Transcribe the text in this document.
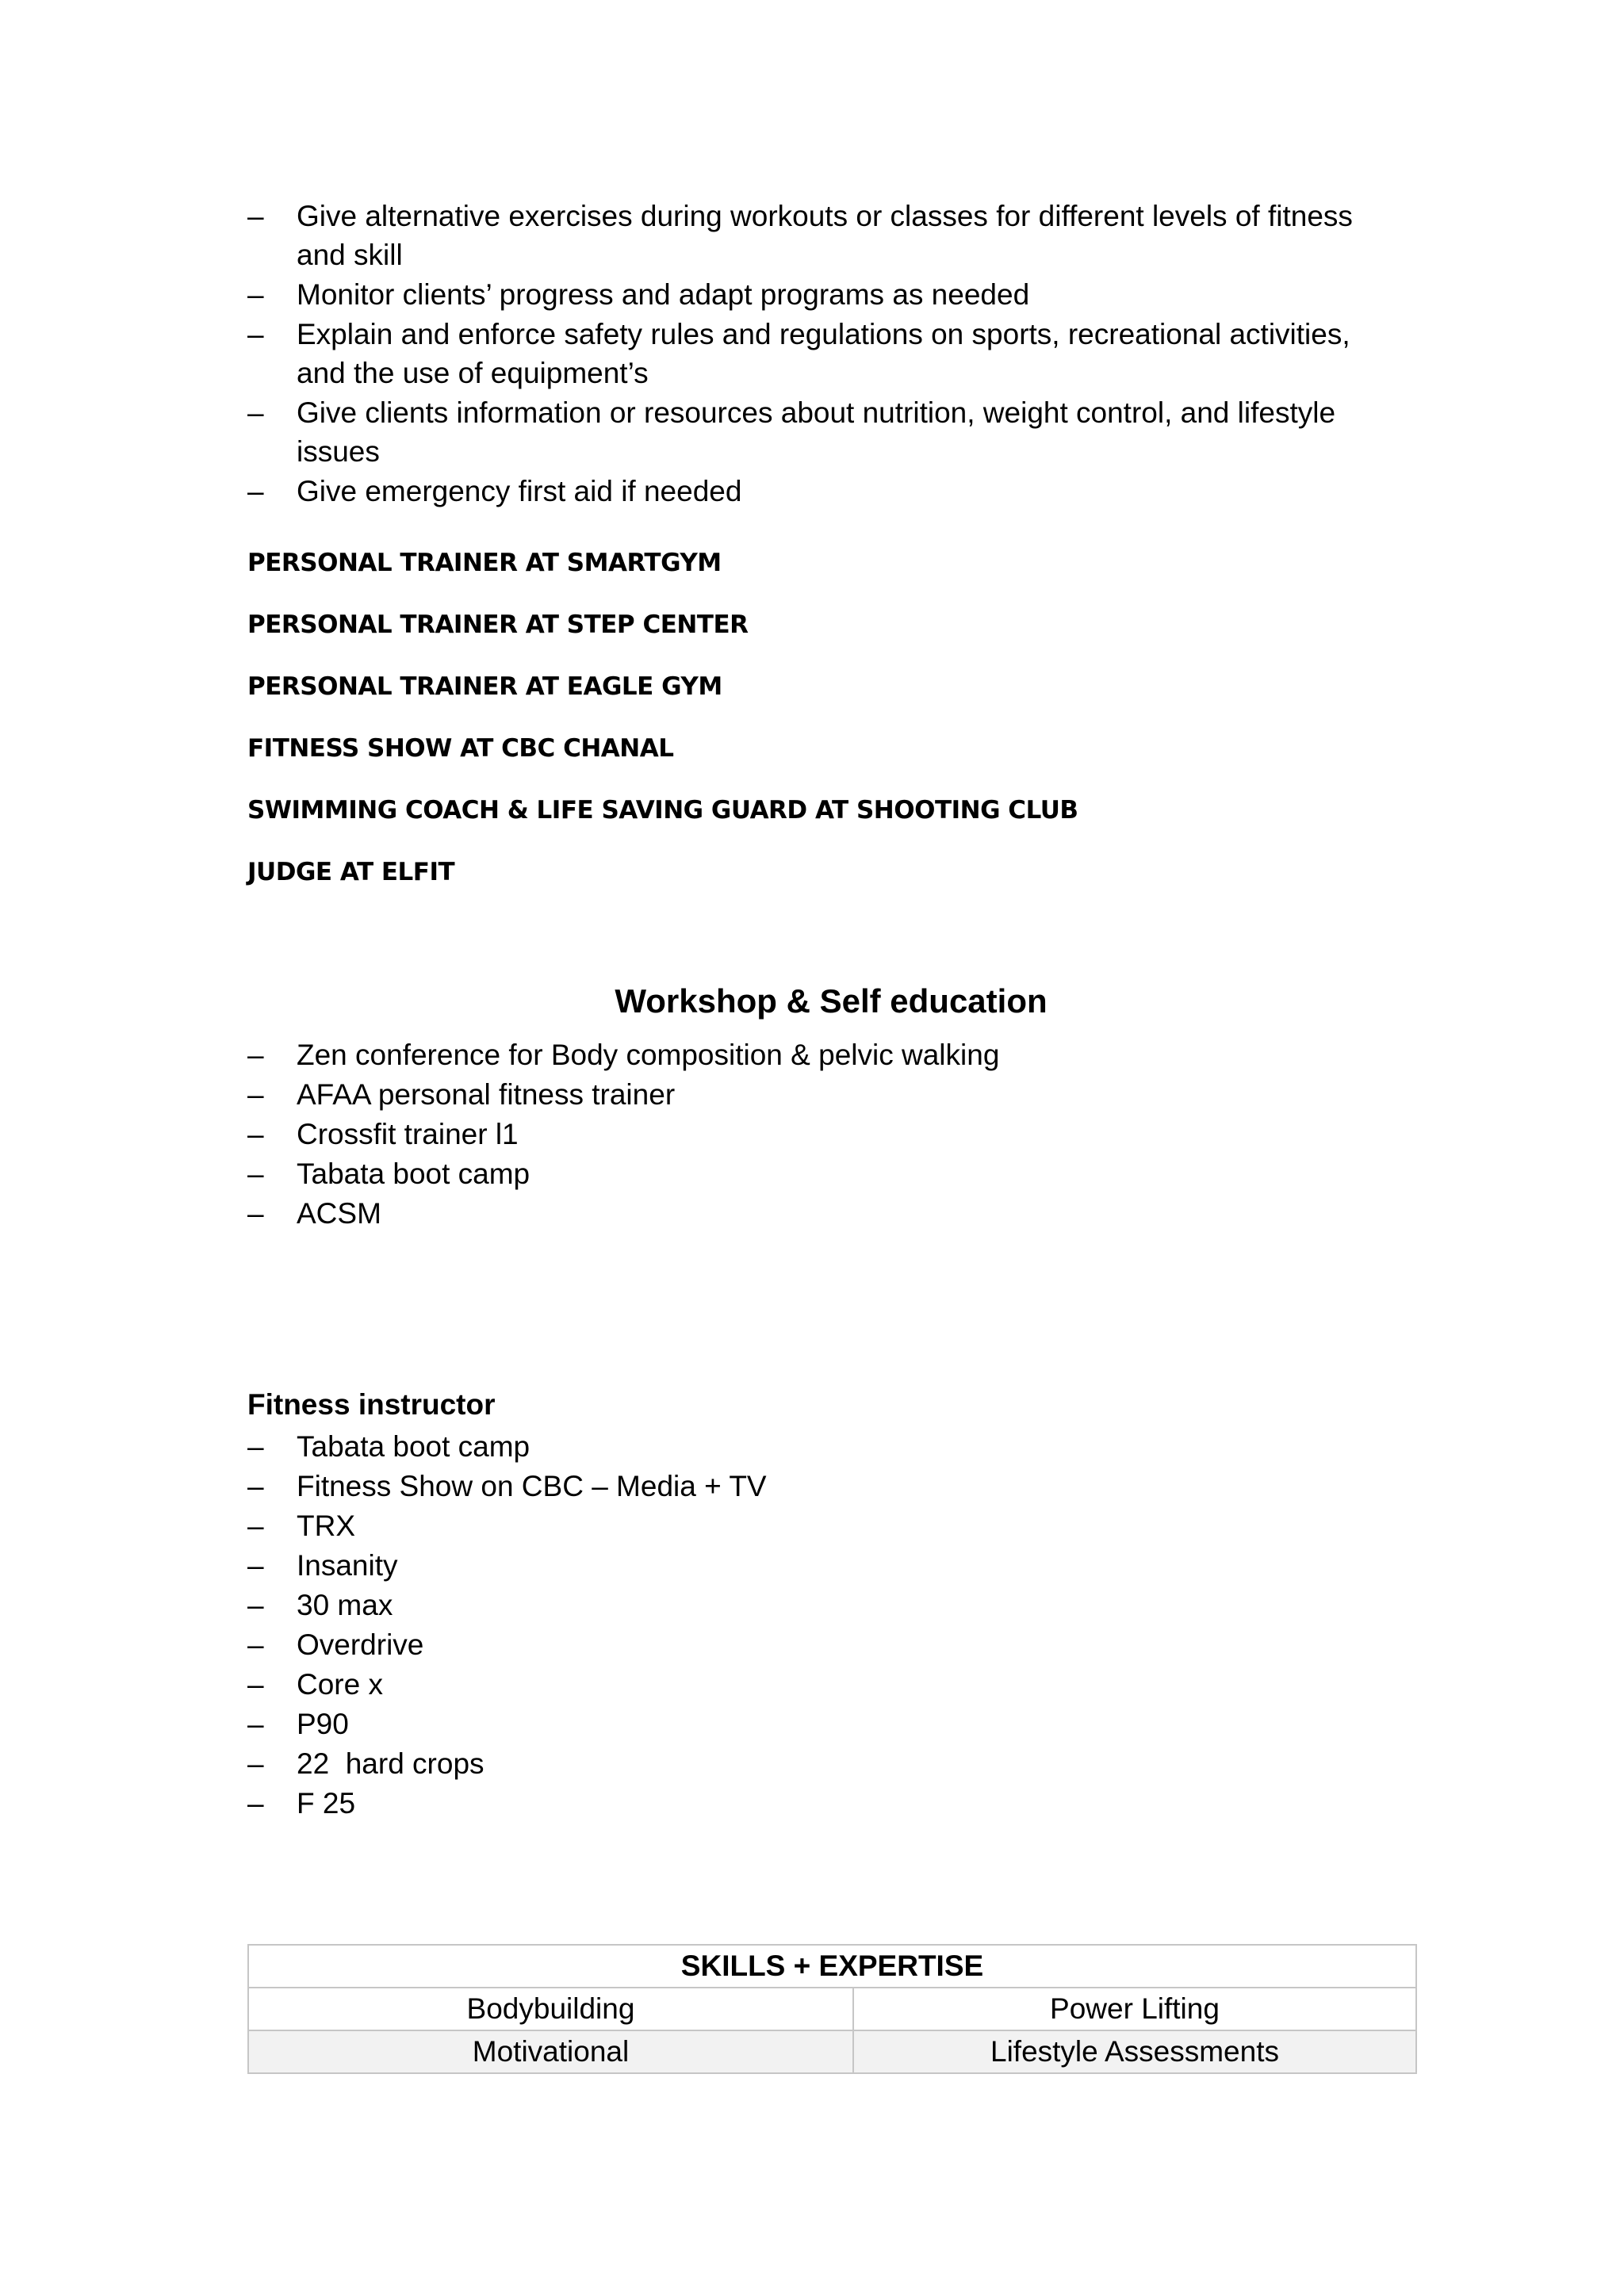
–	Give alternative exercises during workouts or classes for different levels of fitness and skill
–	Monitor clients’ progress and adapt programs as needed
–	Explain and enforce safety rules and regulations on sports, recreational activities, and the use of equipment’s
–	Give clients information or resources about nutrition, weight control, and lifestyle issues
–	Give emergency first aid if needed
PERSONAL TRAINER AT SMARTGYM
PERSONAL TRAINER AT STEP CENTER
PERSONAL TRAINER AT EAGLE GYM
FITNESS SHOW AT CBC CHANAL
SWIMMING COACH & LIFE SAVING GUARD AT SHOOTING CLUB
JUDGE AT ELFIT
Workshop & Self education
–	Zen conference for Body composition & pelvic walking
–	AFAA personal fitness trainer
–	Crossfit trainer l1
–	Tabata boot camp
–	ACSM
Fitness instructor
–	Tabata boot camp
–	Fitness Show on CBC – Media + TV
–	TRX
–	Insanity
–	30 max
–	Overdrive
–	Core x
–	P90
–	22  hard crops
–	F 25
SKILLS + EXPERTISE	
Bodybuilding	Power Lifting
Motivational	Lifestyle Assessments
